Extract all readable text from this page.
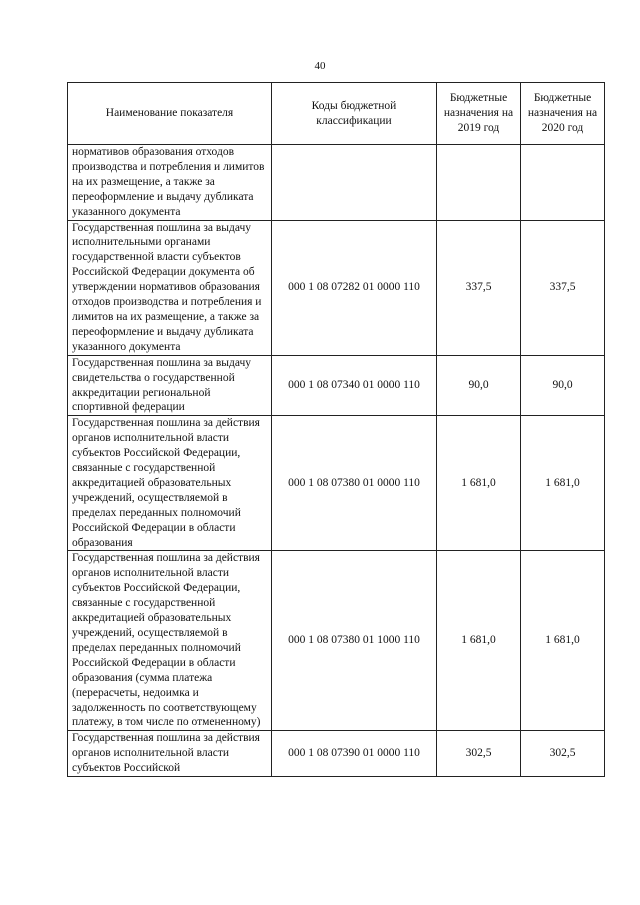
40
Наименование показателя	Коды бюджетной классификации	Бюджетные назначения на 2019 год	Бюджетные назначения на 2020 год
нормативов образования отходов производства и потребления и лимитов на их размещение, а также за переоформление и выдачу дубликата указанного документа			
Государственная пошлина за выдачу исполнительными органами государственной власти субъектов Российской Федерации документа об утверждении нормативов образования отходов производства и потребления и лимитов на их размещение, а также за переоформление и выдачу дубликата указанного документа	000 1 08 07282 01 0000 110	337,5	337,5
Государственная пошлина за выдачу свидетельства о государственной аккредитации региональной спортивной федерации	000 1 08 07340 01 0000 110	90,0	90,0
Государственная пошлина за действия органов исполнительной власти субъектов Российской Федерации, связанные с государственной аккредитацией образовательных учреждений, осуществляемой в пределах переданных полномочий Российской Федерации в области образования	000 1 08 07380 01 0000 110	1 681,0	1 681,0
Государственная пошлина за действия органов исполнительной власти субъектов Российской Федерации, связанные с государственной аккредитацией образовательных учреждений, осуществляемой в пределах переданных полномочий Российской Федерации в области образования (сумма платежа (перерасчеты, недоимка и задолженность по соответствующему платежу, в том числе по отмененному)	000 1 08 07380 01 1000 110	1 681,0	1 681,0
Государственная пошлина за действия органов исполнительной власти субъектов Российской	000 1 08 07390 01 0000 110	302,5	302,5
